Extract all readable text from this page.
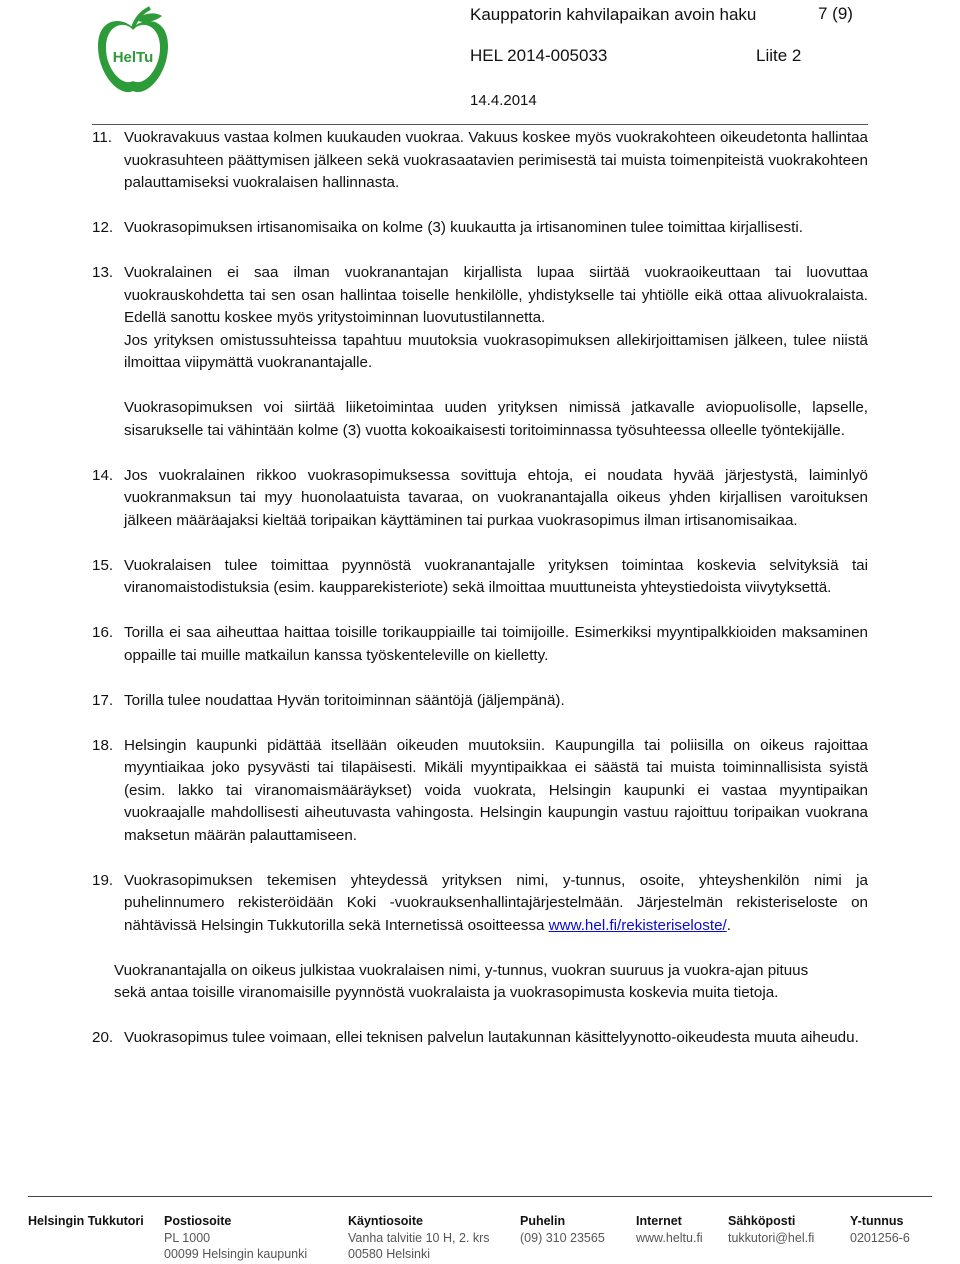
HelTu
Kauppatorin kahvilapaikan avoin haku	7 (9)
HEL 2014-005033	Liite 2
14.4.2014
11. Vuokravakuus vastaa kolmen kuukauden vuokraa. Vakuus koskee myös vuokrakohteen oikeudetonta hallintaa vuokrasuhteen päättymisen jälkeen sekä vuokrasaatavien perimisestä tai muista toimenpiteistä vuokrakohteen palauttamiseksi vuokralaisen hallinnasta.
12. Vuokrasopimuksen irtisanomisaika on kolme (3) kuukautta ja irtisanominen tulee toimittaa kirjallisesti.
13. Vuokralainen ei saa ilman vuokranantajan kirjallista lupaa siirtää vuokraoikeuttaan tai luovuttaa vuokrauskohdetta tai sen osan hallintaa toiselle henkilölle, yhdistykselle tai yhtiölle eikä ottaa alivuokralaista. Edellä sanottu koskee myös yritystoiminnan luovutustilannetta.

Jos yrityksen omistussuhteissa tapahtuu muutoksia vuokrasopimuksen allekirjoittamisen jälkeen, tulee niistä ilmoittaa viipymättä vuokranantajalle.

Vuokrasopimuksen voi siirtää liiketoimintaa uuden yrityksen nimissä jatkavalle aviopuolisolle, lapselle, sisarukselle tai vähintään kolme (3) vuotta kokoaikaisesti toritoiminnassa työsuhteessa olleelle työntekijälle.

14. Jos vuokralainen rikkoo vuokrasopimuksessa sovittuja ehtoja, ei noudata hyvää järjestystä, laiminlyö vuokranmaksun tai myy huonolaatuista tavaraa, on vuokranantajalla oikeus yhden kirjallisen varoituksen jälkeen määräajaksi kieltää toripaikan käyttäminen tai purkaa vuokrasopimus ilman irtisanomisaikaa.
15. Vuokralaisen tulee toimittaa pyynnöstä vuokranantajalle yrityksen toimintaa koskevia selvityksiä tai viranomaistodistuksia (esim. kaupparekisteriote) sekä ilmoittaa muuttuneista yhteystiedoista viivytyksettä.
16. Torilla ei saa aiheuttaa haittaa toisille torikauppiaille tai toimijoille. Esimerkiksi myyntipalkkioiden maksaminen oppaille tai muille matkailun kanssa työskenteleville on kielletty.
17. Torilla tulee noudattaa Hyvän toritoiminnan sääntöjä (jäljempänä).
18. Helsingin kaupunki pidättää itsellään oikeuden muutoksiin. Kaupungilla tai poliisilla on oikeus rajoittaa myyntiaikaa joko pysyvästi tai tilapäisesti. Mikäli myyntipaikkaa ei säästä tai muista toiminnallisista syistä (esim. lakko tai viranomaismääräykset) voida vuokrata, Helsingin kaupunki ei vastaa myyntipaikan vuokraajalle mahdollisesti aiheutuvasta vahingosta. Helsingin kaupungin vastuu rajoittuu toripaikan vuokrana maksetun määrän palauttamiseen.
19. Vuokrasopimuksen tekemisen yhteydessä yrityksen nimi, y-tunnus, osoite, yhteyshenkilön nimi ja puhelinnumero rekisteröidään Koki -vuokrauksenhallintajärjestelmään. Järjestelmän rekisteriseloste on nähtävissä Helsingin Tukkutorilla sekä Internetissä osoitteessa www.hel.fi/rekisteriseloste/.

Vuokranantajalla on oikeus julkistaa vuokralaisen nimi, y-tunnus, vuokran suuruus ja vuokra-ajan pituus sekä antaa toisille viranomaisille pyynnöstä vuokralaista ja vuokrasopimusta koskevia muita tietoja.

20. Vuokrasopimus tulee voimaan, ellei teknisen palvelun lautakunnan käsittelyynotto-oikeudesta muuta aiheudu.
Helsingin Tukkutori Postiosoite
PL 1000
00099 Helsingin kaupunki
Käyntiosoite
Vanha talvitie 10 H, 2. krs
00580 Helsinki
Puhelin
(09) 310 23565
Internet
www.heltu.fi
Sähköposti
tukkutori@hel.fi
Y-tunnus
0201256-6
